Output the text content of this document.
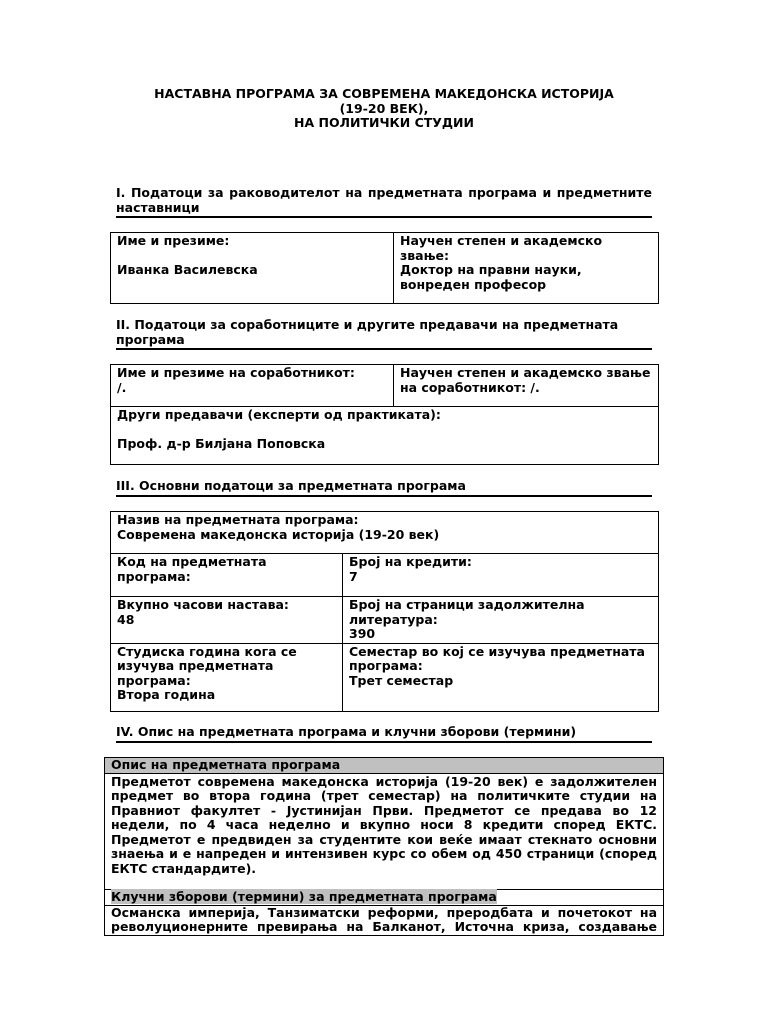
НАСТАВНА ПРОГРАМА ЗА СОВРЕМЕНА МАКЕДОНСКА ИСТОРИЈА
(19-20 ВЕК),
НА ПОЛИТИЧКИ СТУДИИ
I. Податоци за раководителот на предметната програма и предметните наставници
Име и презиме:
Иванка Василевска

Научен степен и академско звање:
Доктор на правни науки, вонреден професор
II. Податоци за соработниците и другите предавачи на предметната програма
Име и презиме на соработникот:
/.

Научен степен и академско звање на соработникот: /.

Други предавачи (експерти од практиката):
Проф. д-р Билјана Поповска
III. Основни податоци за предметната програма
Назив на предметната програма:
Современа македонска историја (19-20 век)	

Код на предметната програма:	Број на кредити:
7

Вкупно часови настава:
48	Број на страници задолжителна литература:
390

Студиска година кога се изучува предметната програма:
Втора година	Семестар во кој се изучува предметната програма:
Трет семестар
IV. Опис на предметната програма и клучни зборови (термини)
Опис на предметната програма
Предметот современа македонска историја (19-20 век) е задолжителен предмет во втора година (трет семестар) на политичките студии на Правниот факултет - Јустинијан Први. Предметот се предава во 12 недели, по 4 часа неделно и вкупно носи 8 кредити според ЕКТС. Предметот е предвиден за студентите кои веќе имаат стекнато основни знаења и е напреден и интензивен курс со обем од 450 страници (според ЕКТС стандардите).
Клучни зборови (термини) за предметната програма
Османска империја, Танзиматски реформи, преродбата и почетокот на револуционерните превирања на Балканот, Источна криза, создавање
